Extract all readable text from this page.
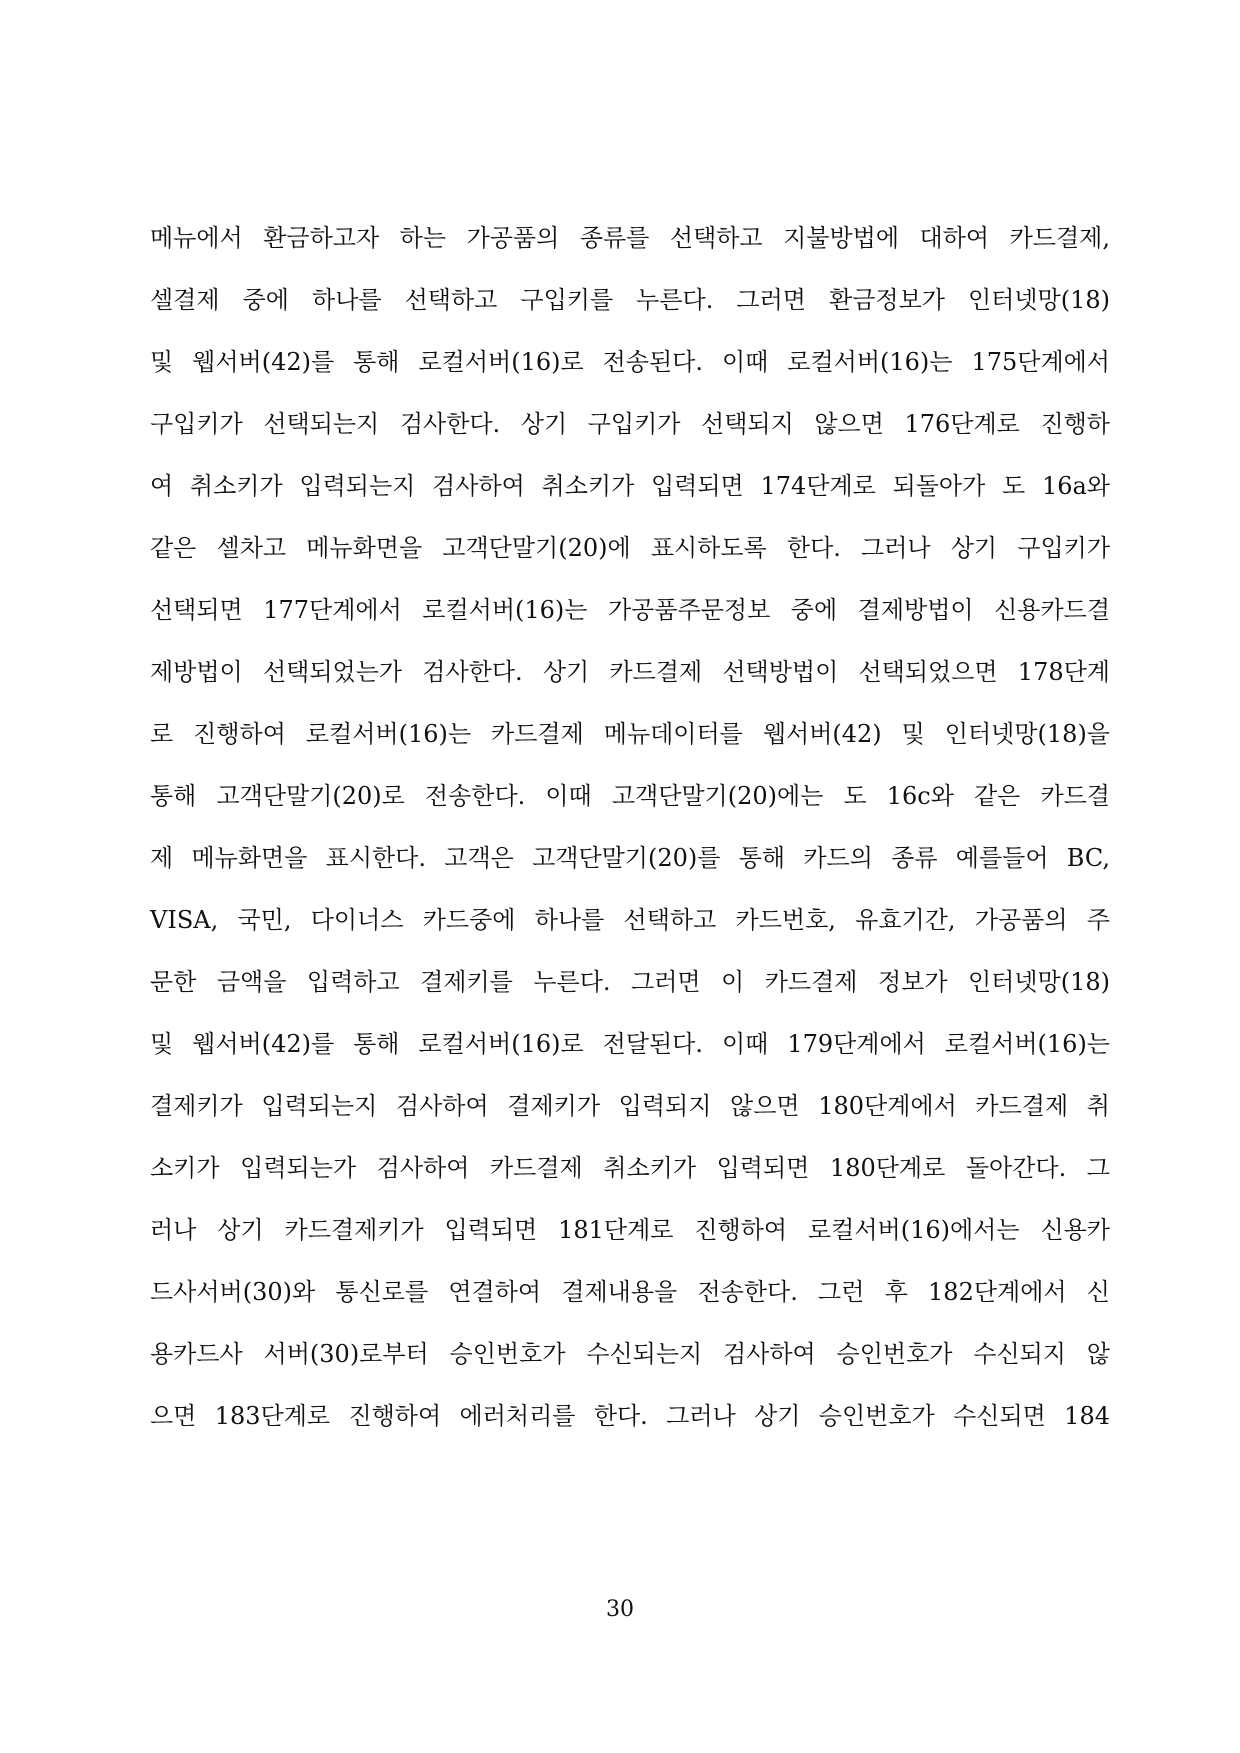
메뉴에서 환금하고자 하는 가공품의 종류를 선택하고 지불방법에 대하여 카드결제,
셀결제 중에 하나를 선택하고 구입키를 누른다. 그러면 환금정보가 인터넷망(18)
및 웹서버(42)를 통해 로컬서버(16)로 전송된다. 이때 로컬서버(16)는 175단계에서
구입키가 선택되는지 검사한다. 상기 구입키가 선택되지 않으면 176단계로 진행하
여 취소키가 입력되는지 검사하여 취소키가 입력되면 174단계로 되돌아가 도 16a와
같은 셀차고 메뉴화면을 고객단말기(20)에 표시하도록 한다. 그러나 상기 구입키가
선택되면 177단계에서 로컬서버(16)는 가공품주문정보 중에 결제방법이 신용카드결
제방법이 선택되었는가 검사한다. 상기 카드결제 선택방법이 선택되었으면 178단계
로 진행하여 로컬서버(16)는 카드결제 메뉴데이터를 웹서버(42) 및 인터넷망(18)을
통해 고객단말기(20)로 전송한다. 이때 고객단말기(20)에는 도 16c와 같은 카드결
제 메뉴화면을 표시한다. 고객은 고객단말기(20)를 통해 카드의 종류 예를들어 BC,
VISA, 국민, 다이너스 카드중에 하나를 선택하고 카드번호, 유효기간, 가공품의 주
문한 금액을 입력하고 결제키를 누른다. 그러면 이 카드결제 정보가 인터넷망(18)
및 웹서버(42)를 통해 로컬서버(16)로 전달된다. 이때 179단계에서 로컬서버(16)는
결제키가 입력되는지 검사하여 결제키가 입력되지 않으면 180단계에서 카드결제 취
소키가 입력되는가 검사하여 카드결제 취소키가 입력되면 180단계로 돌아간다. 그
러나 상기 카드결제키가 입력되면 181단계로 진행하여 로컬서버(16)에서는 신용카
드사서버(30)와 통신로를 연결하여 결제내용을 전송한다. 그런 후 182단계에서 신
용카드사 서버(30)로부터 승인번호가 수신되는지 검사하여 승인번호가 수신되지 않
으면 183단계로 진행하여 에러처리를 한다. 그러나 상기 승인번호가 수신되면 184
30
